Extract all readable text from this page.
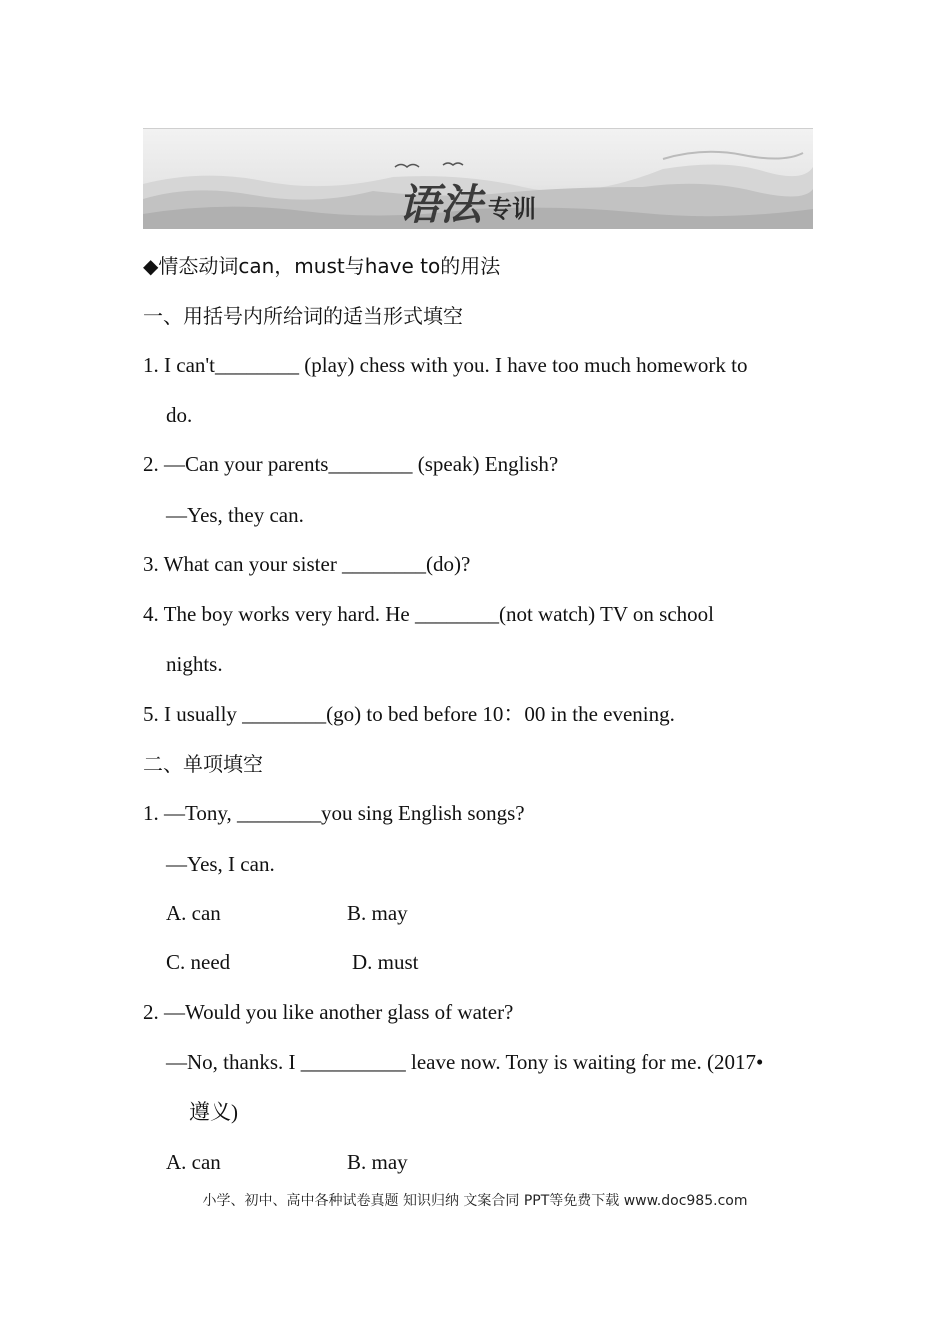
语法 专训
◆情态动词can，must与have to的用法
一、用括号内所给词的适当形式填空
1. I can't________ (play) chess with you. I have too much homework to
do.
2. —Can your parents________ (speak) English?
—Yes, they can.
3. What can your sister ________(do)?
4. The boy works very hard. He ________(not watch) TV on school
nights.
5. I usually ________(go) to bed before 10：00 in the evening.
二、单项填空
1. —Tony, ________you sing English songs?
—Yes, I can.
A. can	B. may
C. need	D. must
2. —Would you like another glass of water?
—No, thanks. I __________ leave now. Tony is waiting for me. (2017•
遵义)
A. can	B. may
小学、初中、高中各种试卷真题 知识归纳 文案合同 PPT等免费下载 www.doc985.com
